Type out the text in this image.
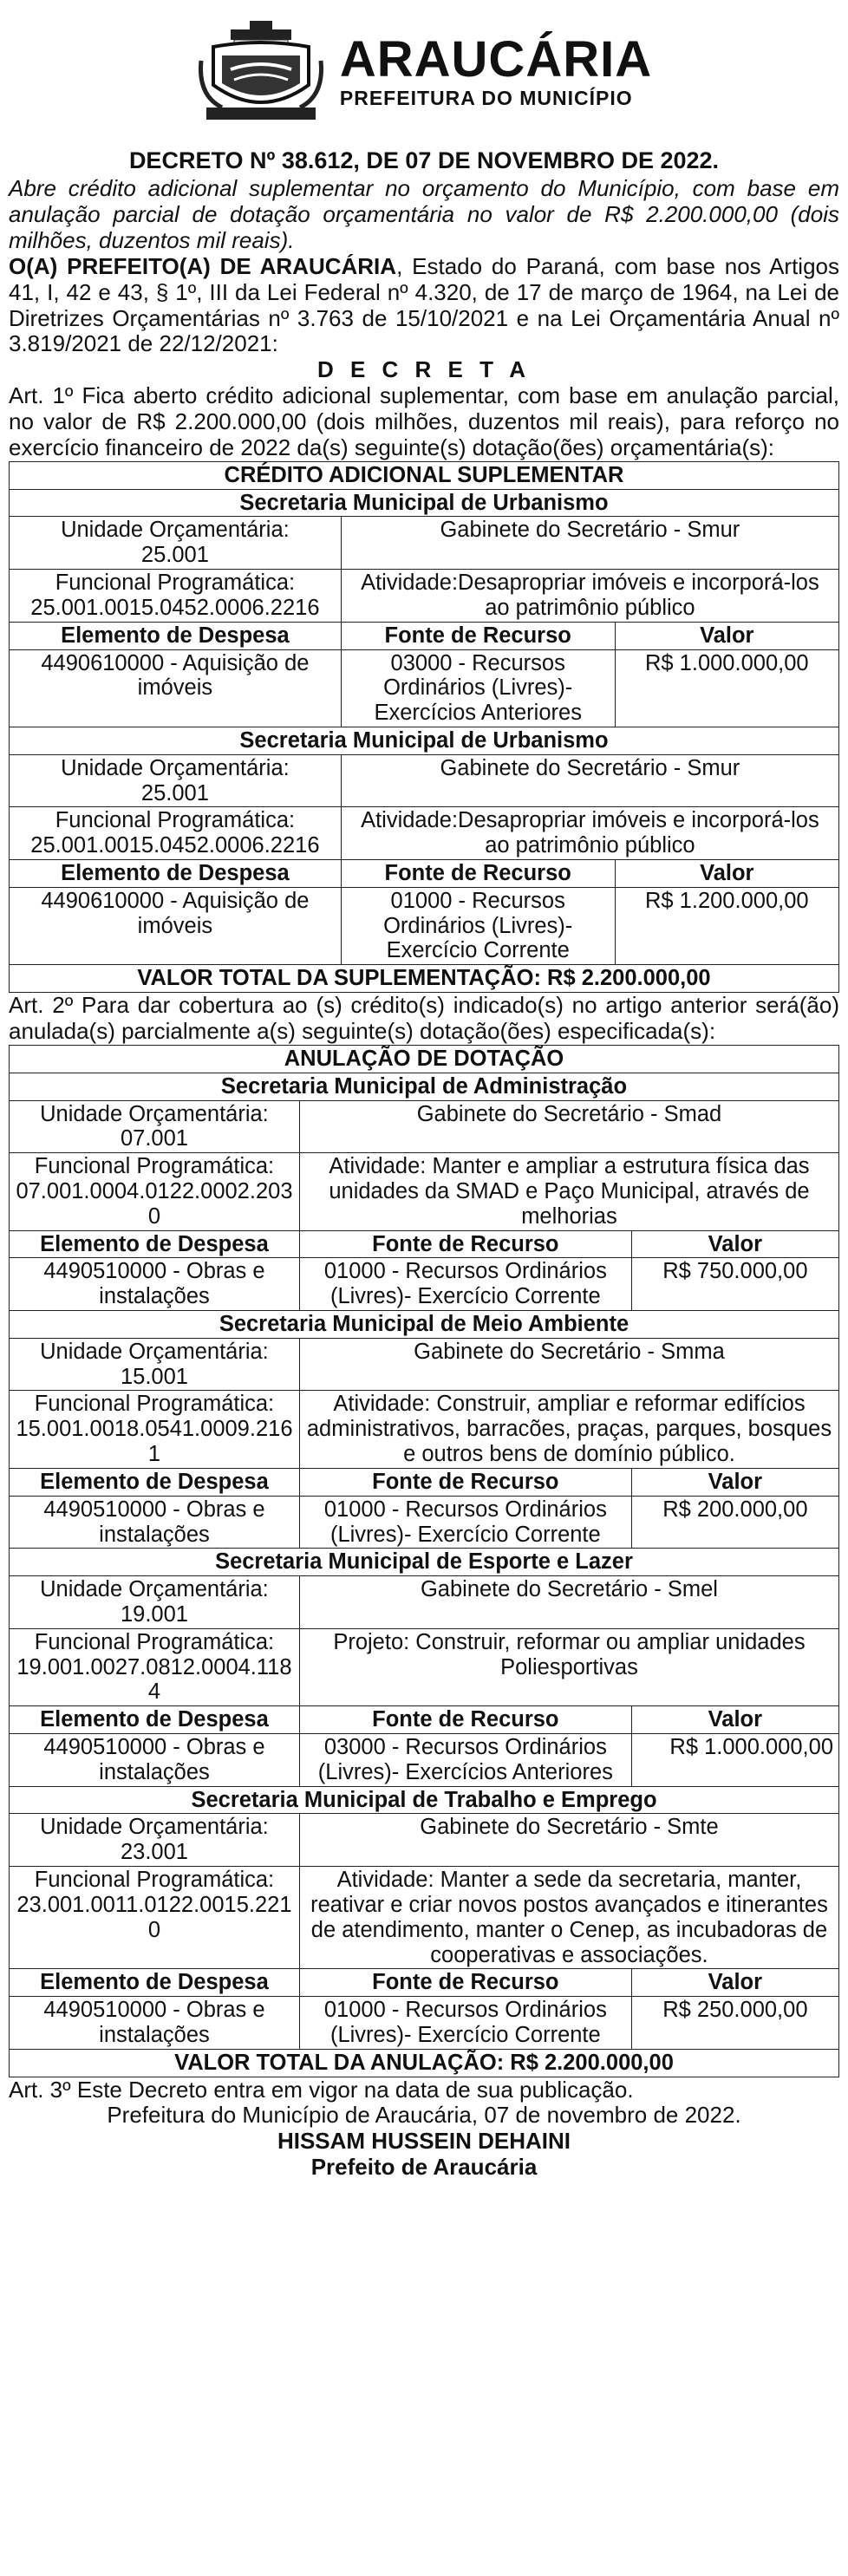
ARAUCÁRIA
PREFEITURA DO MUNICÍPIO
DECRETO Nº 38.612, DE 07 DE NOVEMBRO DE 2022.

Abre crédito adicional suplementar no orçamento do Município, com base em anulação parcial de dotação orçamentária no valor de R$ 2.200.000,00 (dois milhões, duzentos mil reais).

O(A) PREFEITO(A) DE ARAUCÁRIA, Estado do Paraná, com base nos Artigos 41, I, 42 e 43, § 1º, III da Lei Federal nº 4.320, de 17 de março de 1964, na Lei de Diretrizes Orçamentárias nº 3.763 de 15/10/2021 e na Lei Orçamentária Anual nº 3.819/2021 de 22/12/2021:

D E C R E T A

Art. 1º Fica aberto crédito adicional suplementar, com base em anulação parcial, no valor de R$ 2.200.000,00 (dois milhões, duzentos mil reais), para reforço no exercício financeiro de 2022 da(s) seguinte(s) dotação(ões) orçamentária(s):

CRÉDITO ADICIONAL SUPLEMENTAR		
Secretaria Municipal de Urbanismo		
Unidade Orçamentária:
25.001	Gabinete do Secretário - Smur	
Funcional Programática:
25.001.0015.0452.0006.2216	Atividade:Desapropriar imóveis e incorporá-los ao patrimônio público	
Elemento de Despesa	Fonte de Recurso	Valor
4490610000 - Aquisição de imóveis	03000 - Recursos Ordinários (Livres)- Exercícios Anteriores	R$ 1.000.000,00
Secretaria Municipal de Urbanismo		
Unidade Orçamentária:
25.001	Gabinete do Secretário - Smur	
Funcional Programática:
25.001.0015.0452.0006.2216	Atividade:Desapropriar imóveis e incorporá-los ao patrimônio público	
Elemento de Despesa	Fonte de Recurso	Valor
4490610000 - Aquisição de imóveis	01000 - Recursos Ordinários (Livres)- Exercício Corrente	R$ 1.200.000,00
VALOR TOTAL DA SUPLEMENTAÇÃO: R$ 2.200.000,00		

Art. 2º Para dar cobertura ao (s) crédito(s) indicado(s) no artigo anterior será(ão) anulada(s) parcialmente a(s) seguinte(s) dotação(ões) especificada(s):

ANULAÇÃO DE DOTAÇÃO		
Secretaria Municipal de Administração		
Unidade Orçamentária:
07.001	Gabinete do Secretário - Smad	
Funcional Programática:
07.001.0004.0122.0002.2030	Atividade: Manter e ampliar a estrutura física das unidades da SMAD e Paço Municipal, através de melhorias	
Elemento de Despesa	Fonte de Recurso	Valor
4490510000 - Obras e instalações	01000 - Recursos Ordinários (Livres)- Exercício Corrente	R$ 750.000,00
Secretaria Municipal de Meio Ambiente		
Unidade Orçamentária:
15.001	Gabinete do Secretário - Smma	
Funcional Programática:
15.001.0018.0541.0009.2161	Atividade: Construir, ampliar e reformar edifícios administrativos, barracões, praças, parques, bosques e outros bens de domínio público.	
Elemento de Despesa	Fonte de Recurso	Valor
4490510000 - Obras e instalações	01000 - Recursos Ordinários (Livres)- Exercício Corrente	R$ 200.000,00
Secretaria Municipal de Esporte e Lazer		
Unidade Orçamentária:
19.001	Gabinete do Secretário - Smel	
Funcional Programática:
19.001.0027.0812.0004.1184	Projeto: Construir, reformar ou ampliar unidades Poliesportivas	
Elemento de Despesa	Fonte de Recurso	Valor
4490510000 - Obras e instalações	03000 - Recursos Ordinários (Livres)- Exercícios Anteriores	R$ 1.000.000,00
Secretaria Municipal de Trabalho e Emprego		
Unidade Orçamentária:
23.001	Gabinete do Secretário - Smte	
Funcional Programática:
23.001.0011.0122.0015.2210	Atividade: Manter a sede da secretaria, manter, reativar e criar novos postos avançados e itinerantes de atendimento, manter o Cenep, as incubadoras de cooperativas e associações.	
Elemento de Despesa	Fonte de Recurso	Valor
4490510000 - Obras e instalações	01000 - Recursos Ordinários (Livres)- Exercício Corrente	R$ 250.000,00
VALOR TOTAL DA ANULAÇÃO: R$ 2.200.000,00		

Art. 3º Este Decreto entra em vigor na data de sua publicação.

Prefeitura do Município de Araucária, 07 de novembro de 2022.
HISSAM HUSSEIN DEHAINI
Prefeito de Araucária
